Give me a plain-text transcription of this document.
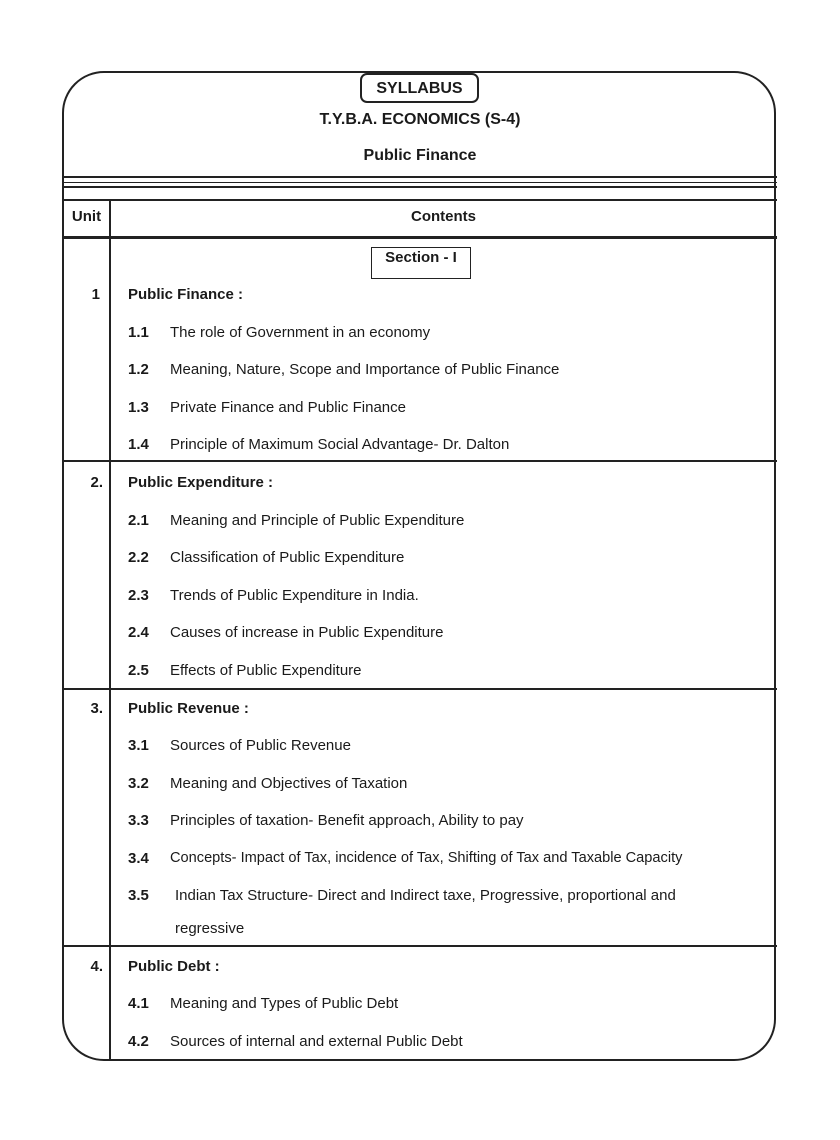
SYLLABUS
T.Y.B.A. ECONOMICS (S-4)
Public Finance
Unit	Contents
Section - I
1 Public Finance :
1.1 The role of Government in an economy
1.2 Meaning, Nature, Scope and Importance of Public Finance
1.3 Private Finance and Public Finance
1.4 Principle of Maximum Social Advantage- Dr. Dalton
2. Public Expenditure :
2.1 Meaning and Principle of Public Expenditure
2.2 Classification of Public Expenditure
2.3 Trends of Public Expenditure in India.
2.4 Causes of increase in Public Expenditure
2.5 Effects of Public Expenditure
3. Public Revenue :
3.1 Sources of Public Revenue
3.2 Meaning and Objectives of Taxation
3.3 Principles of taxation- Benefit approach, Ability to pay
3.4 Concepts- Impact of Tax, incidence of Tax, Shifting of Tax and Taxable Capacity
3.5 Indian Tax Structure- Direct and Indirect taxe, Progressive, proportional and
regressive
4. Public Debt :
4.1 Meaning and Types of Public Debt
4.2 Sources of internal and external Public Debt
